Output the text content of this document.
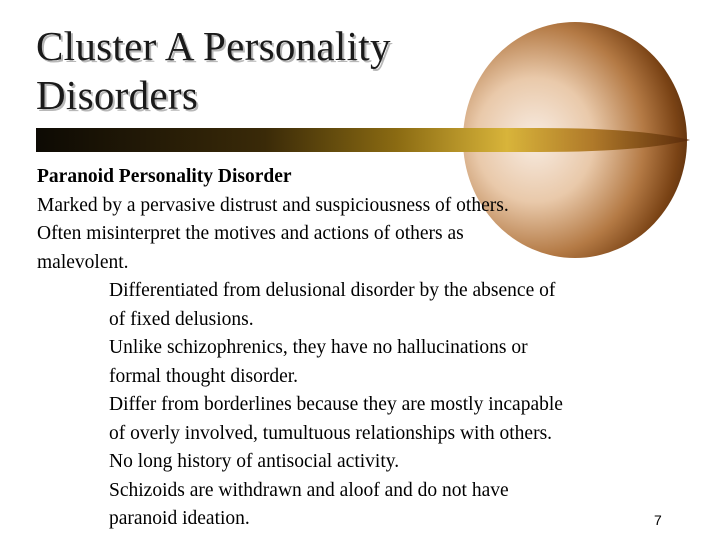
Cluster A Personality
Disorders
Paranoid Personality Disorder
Marked by a pervasive distrust and suspiciousness of others.
Often misinterpret the motives and actions of others as
malevolent.
Differentiated from delusional disorder by the absence of
of fixed delusions.
Unlike schizophrenics, they have no hallucinations or
formal thought disorder.
Differ from borderlines because they are mostly incapable
of overly involved, tumultuous relationships with others.
No long history of antisocial activity.
Schizoids are withdrawn and aloof and do not have
paranoid ideation.	7
